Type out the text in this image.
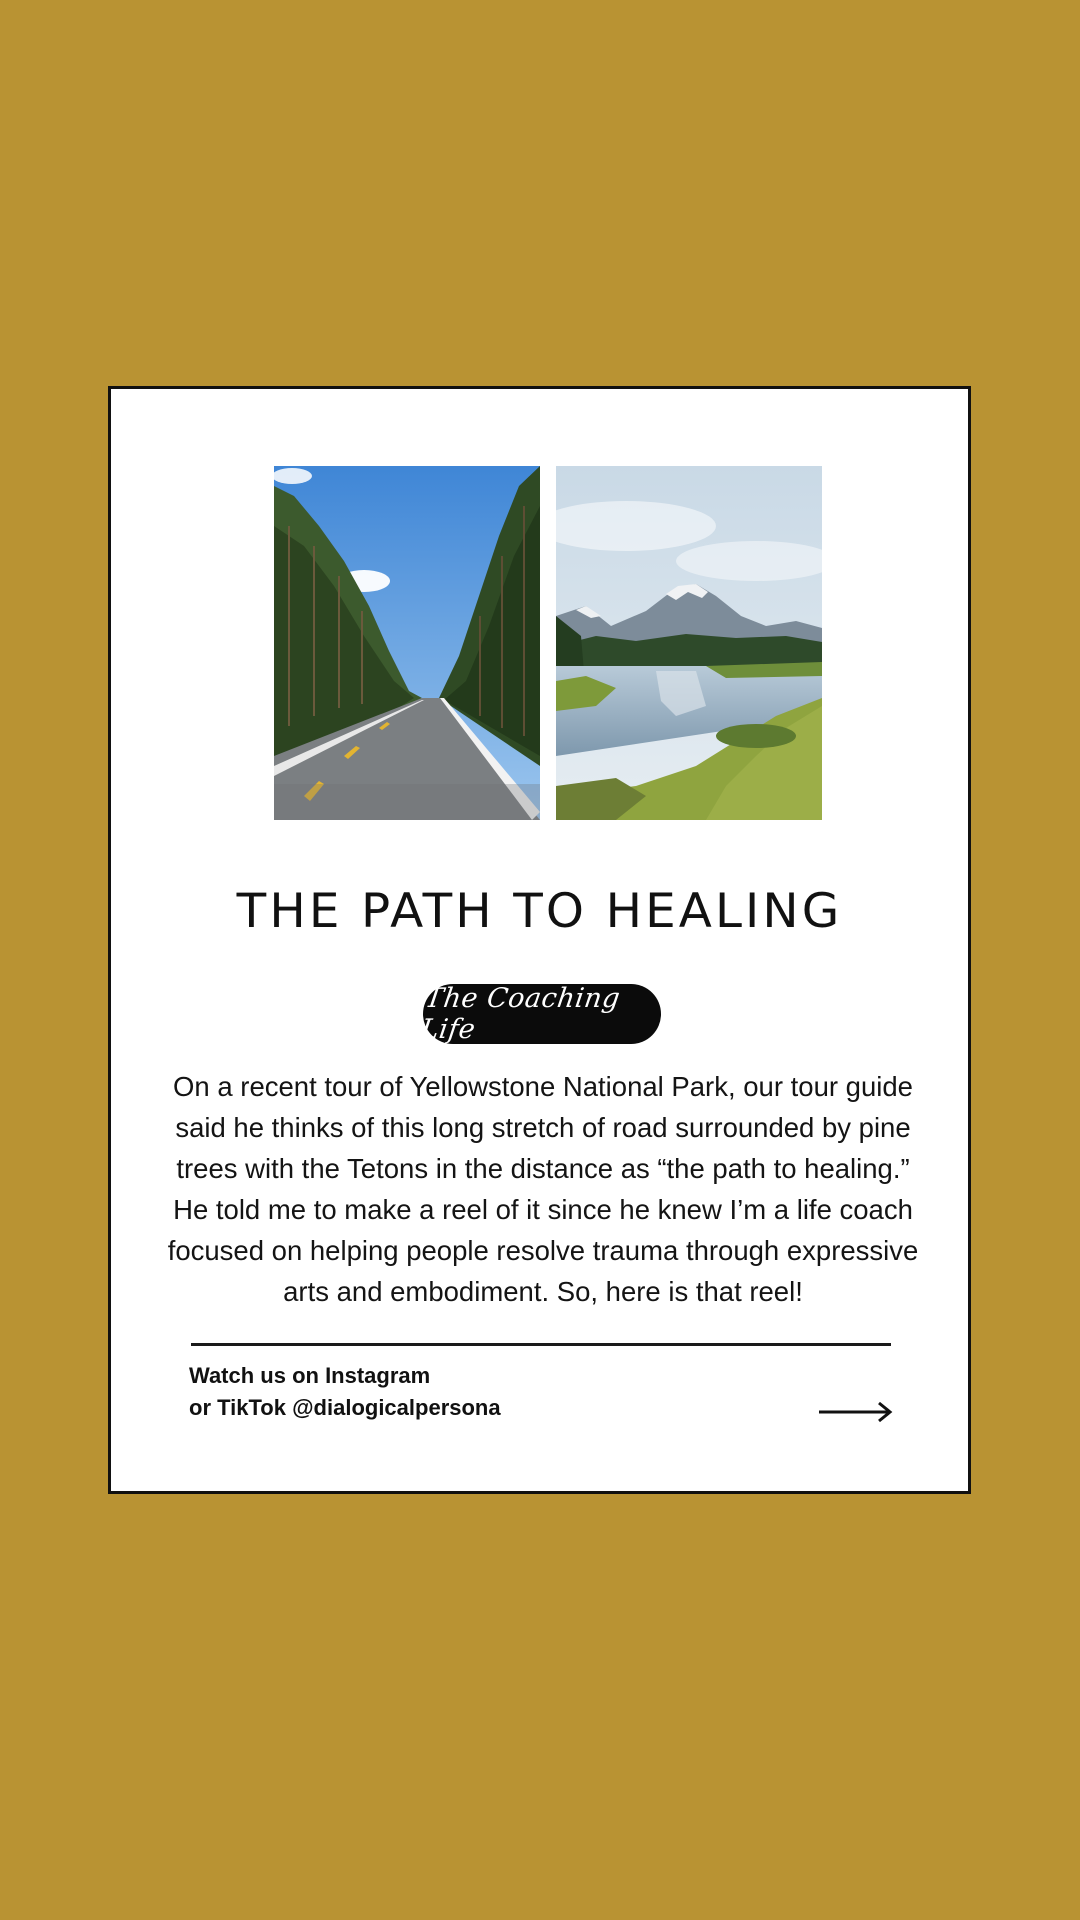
THE PATH TO HEALING
The Coaching Life
On a recent tour of Yellowstone National Park, our tour guide said he thinks of this long stretch of road surrounded by pine trees with the Tetons in the distance as “the path to healing.” He told me to make a reel of it since he knew I’m a life coach focused on helping people resolve trauma through expressive arts and embodiment. So, here is that reel!
Watch us on Instagram
or TikTok @dialogicalpersona
